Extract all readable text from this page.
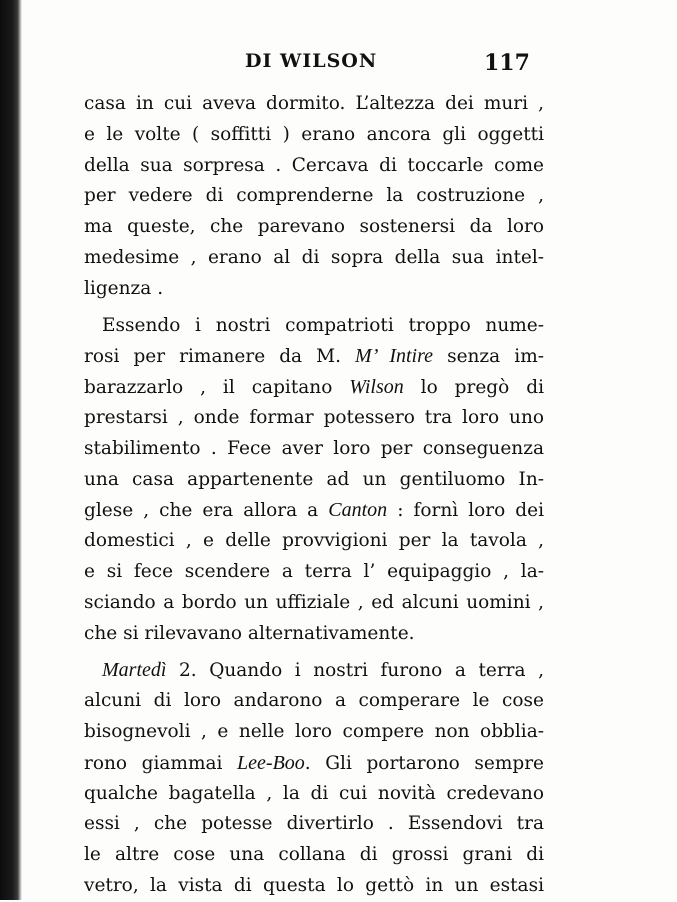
DI WILSON	117
casa in cui aveva dormito. L’altezza dei muri ,
e le volte ( soffitti ) erano ancora gli oggetti
della sua sorpresa . Cercava di toccarle come
per vedere di comprenderne la costruzione ,
ma queste, che parevano sostenersi da loro
medesime , erano al di sopra della sua intel-
ligenza .
Essendo i nostri compatrioti troppo nume-
rosi per rimanere da M. M’ Intire senza im-
barazzarlo , il capitano Wilson lo pregò di
prestarsi , onde formar potessero tra loro uno
stabilimento . Fece aver loro per conseguenza
una casa appartenente ad un gentiluomo In-
glese , che era allora a Canton : fornì loro dei
domestici , e delle provvigioni per la tavola ,
e si fece scendere a terra l’ equipaggio , la-
sciando a bordo un uffiziale , ed alcuni uomini ,
che si rilevavano alternativamente.
Martedì 2. Quando i nostri furono a terra ,
alcuni di loro andarono a comperare le cose
bisognevoli , e nelle loro compere non obblia-
rono giammai Lee-Boo. Gli portarono sempre
qualche bagatella , la di cui novità credevano
essi , che potesse divertirlo . Essendovi tra
le altre cose una collana di grossi grani di
vetro, la vista di questa lo gettò in un estasi
